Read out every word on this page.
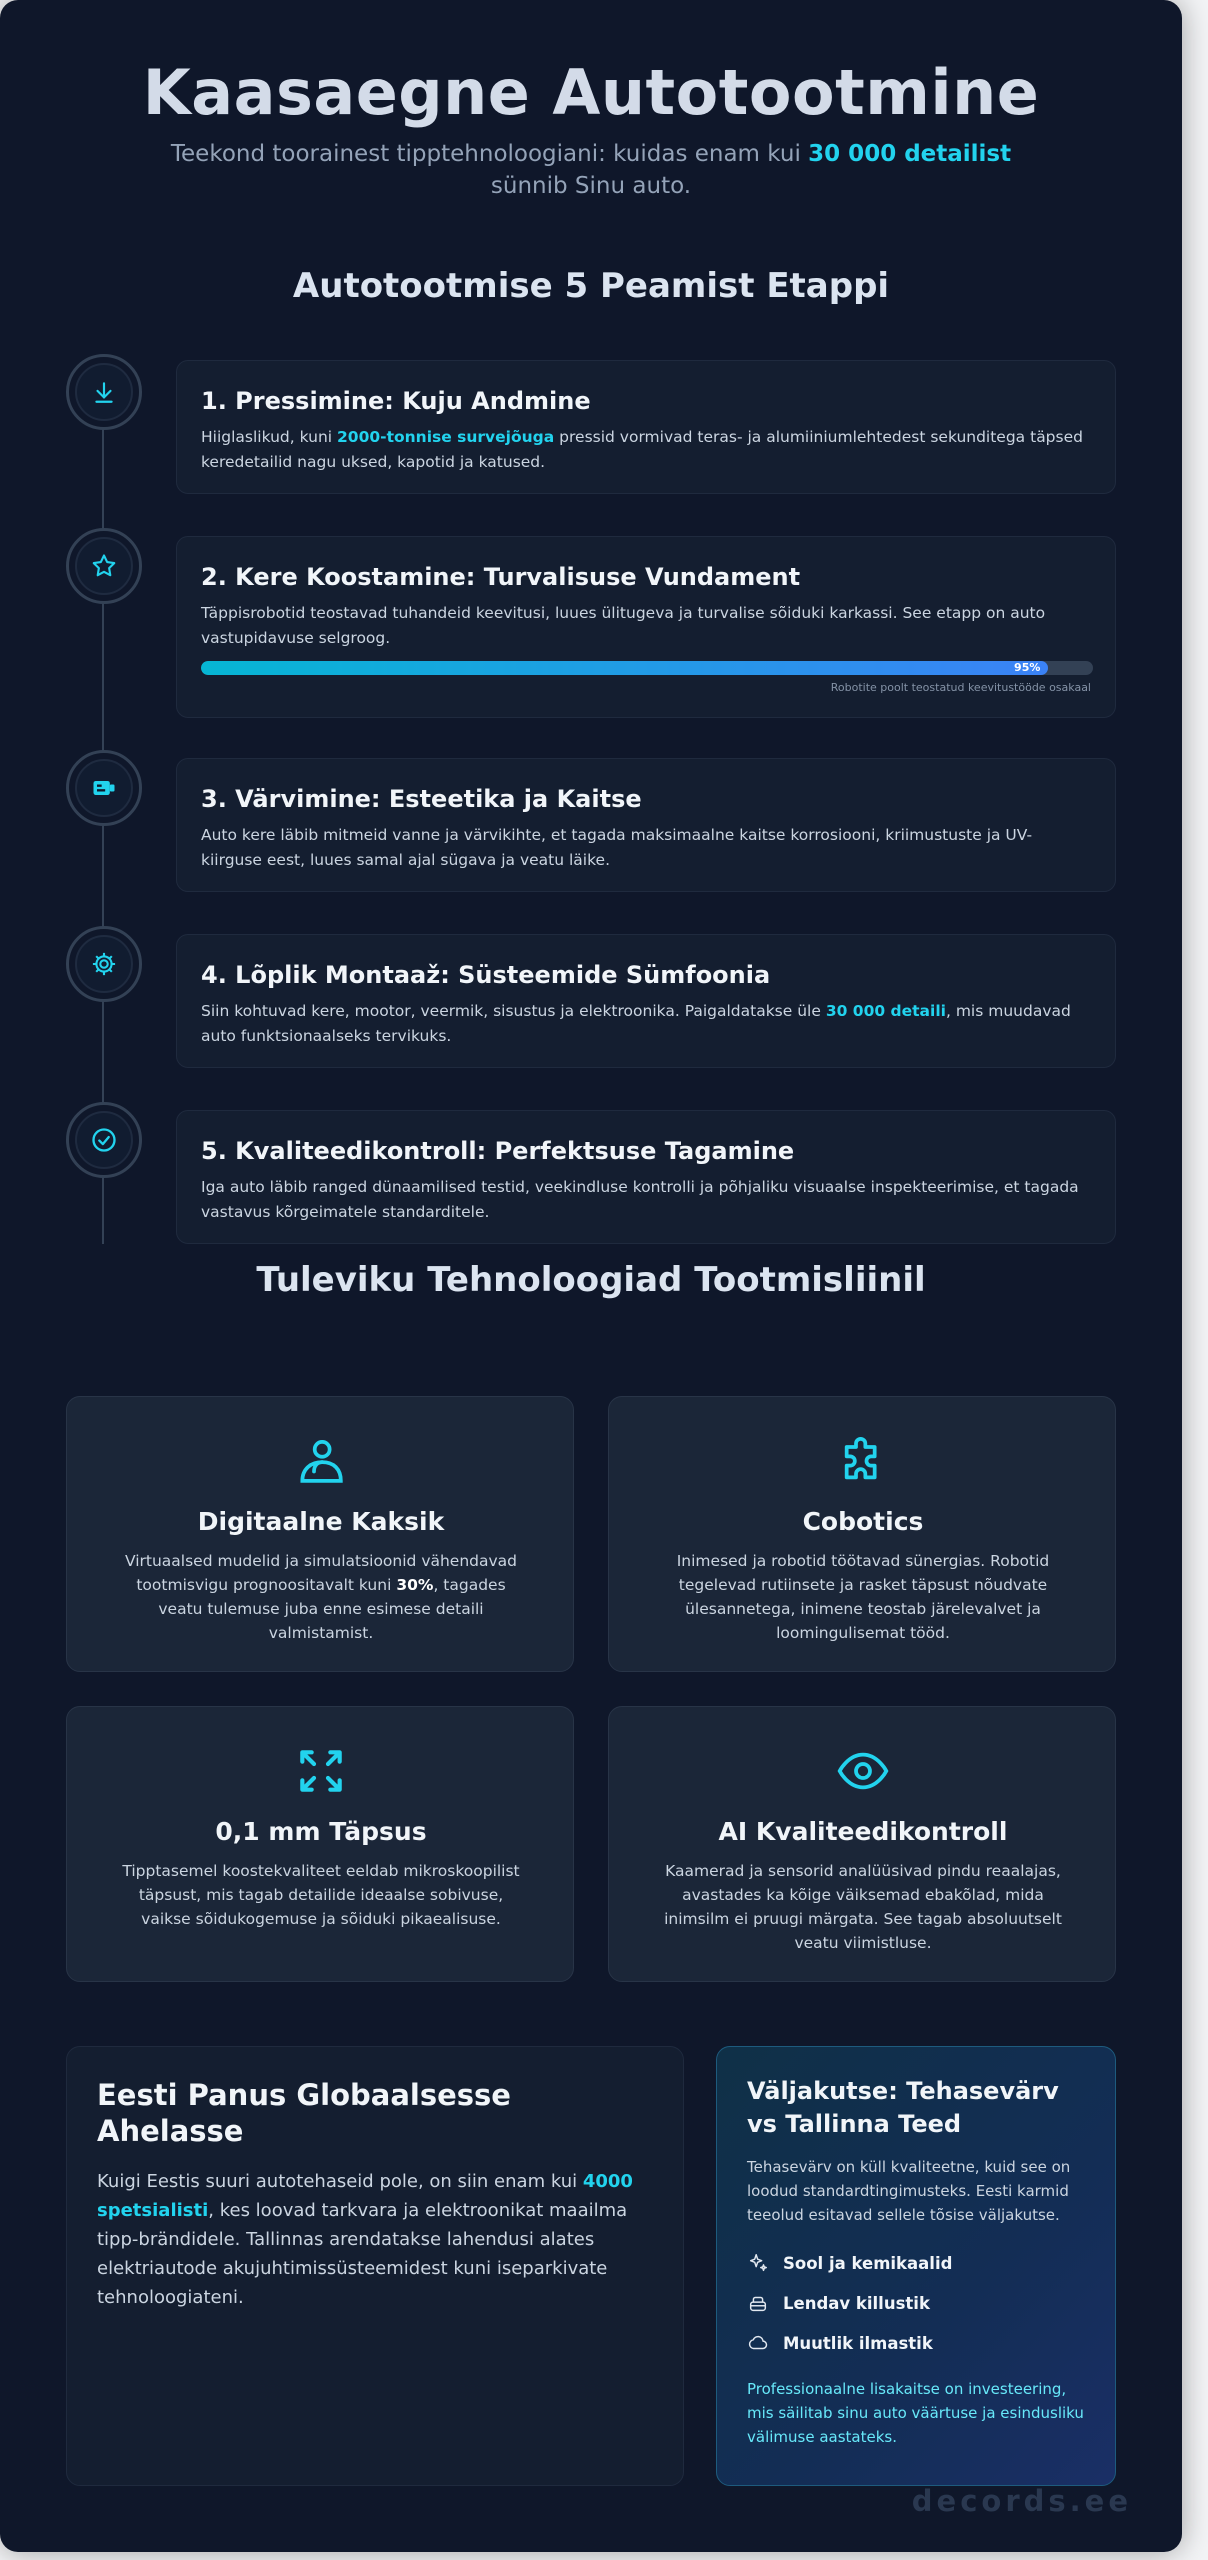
Kaasaegne Autotootmine
Teekond toorainest tipptehnoloogiani: kuidas enam kui 30 000 detailist sünnib Sinu auto.
Autotootmise 5 Peamist Etappi
1. Pressimine: Kuju Andmine
Hiiglaslikud, kuni 2000-tonnise survejõuga pressid vormivad teras- ja alumiiniumlehtedest sekunditega täpsed keredetailid nagu uksed, kapotid ja katused.
2. Kere Koostamine: Turvalisuse Vundament
Täppisrobotid teostavad tuhandeid keevitusi, luues ülitugeva ja turvalise sõiduki karkassi. See etapp on auto vastupidavuse selgroog.
95%
Robotite poolt teostatud keevitustööde osakaal
3. Värvimine: Esteetika ja Kaitse
Auto kere läbib mitmeid vanne ja värvikihte, et tagada maksimaalne kaitse korrosiooni, kriimustuste ja UV-kiirguse eest, luues samal ajal sügava ja veatu läike.
4. Lõplik Montaaž: Süsteemide Sümfoonia
Siin kohtuvad kere, mootor, veermik, sisustus ja elektroonika. Paigaldatakse üle 30 000 detaili, mis muudavad auto funktsionaalseks tervikuks.
5. Kvaliteedikontroll: Perfektsuse Tagamine
Iga auto läbib ranged dünaamilised testid, veekindluse kontrolli ja põhjaliku visuaalse inspekteerimise, et tagada vastavus kõrgeimatele standarditele.
Tuleviku Tehnoloogiad Tootmisliinil
Digitaalne Kaksik
Virtuaalsed mudelid ja simulatsioonid vähendavad tootmisvigu prognoositavalt kuni 30%, tagades veatu tulemuse juba enne esimese detaili valmistamist.
Cobotics
Inimesed ja robotid töötavad sünergias. Robotid tegelevad rutiinsete ja rasket täpsust nõudvate ülesannetega, inimene teostab järelevalvet ja loomingulisemat tööd.
0,1 mm Täpsus
Tipptasemel koostekvaliteet eeldab mikroskoopilist täpsust, mis tagab detailide ideaalse sobivuse, vaikse sõidukogemuse ja sõiduki pikaealisuse.
AI Kvaliteedikontroll
Kaamerad ja sensorid analüüsivad pindu reaalajas, avastades ka kõige väiksemad ebakõlad, mida inimsilm ei pruugi märgata. See tagab absoluutselt veatu viimistluse.
Eesti Panus Globaalsesse Ahelasse
Kuigi Eestis suuri autotehaseid pole, on siin enam kui 4000 spetsialisti, kes loovad tarkvara ja elektroonikat maailma tipp-brändidele. Tallinnas arendatakse lahendusi alates elektriautode akujuhtimissüsteemidest kuni iseparkivate tehnoloogiateni.
Väljakutse: Tehasevärv vs Tallinna Teed
Tehasevärv on küll kvaliteetne, kuid see on loodud standardtingimusteks. Eesti karmid teeolud esitavad sellele tõsise väljakutse.
Sool ja kemikaalid
Lendav killustik
Muutlik ilmastik
Professionaalne lisakaitse on investeering, mis säilitab sinu auto väärtuse ja esindusliku välimuse aastateks.
decords.ee
